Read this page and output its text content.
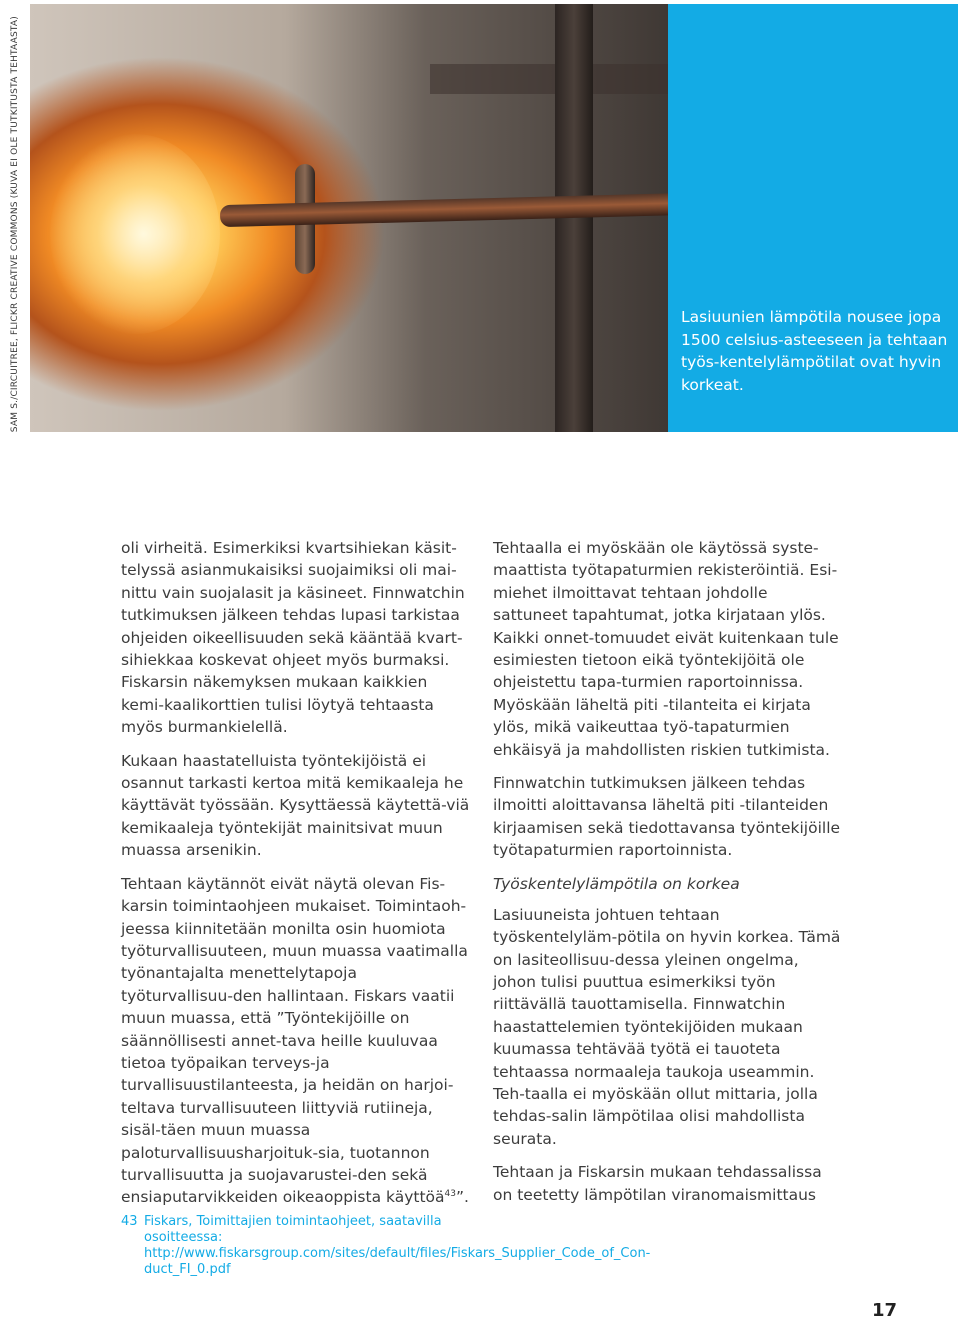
SAM S./CIRCUITREE, FLICKR CREATIVE COMMONS (KUVA EI OLE TUTKITUSTA TEHTAASTA)	Lasiuunien lämpötila nousee jopa 1500 celsius-asteeseen ja tehtaan työs-kentelylämpötilat ovat hyvin korkeat.

oli virheitä. Esimerkiksi kvartsihiekan käsit-telyssä asianmukaisiksi suojaimiksi oli mai-nittu vain suojalasit ja käsineet. Finnwatchin tutkimuksen jälkeen tehdas lupasi tarkistaa ohjeiden oikeellisuuden sekä kääntää kvart-sihiekkaa koskevat ohjeet myös burmaksi. Fiskarsin näkemyksen mukaan kaikkien kemi-kaalikorttien tulisi löytyä tehtaasta myös burmankielellä.

Kukaan haastatelluista työntekijöistä ei osannut tarkasti kertoa mitä kemikaaleja he käyttävät työssään. Kysyttäessä käytettä-viä kemikaaleja työntekijät mainitsivat muun muassa arsenikin.

Tehtaan käytännöt eivät näytä olevan Fis-karsin toimintaohjeen mukaiset. Toimintaoh-jeessa kiinnitetään monilta osin huomiota työturvallisuuteen, muun muassa vaatimalla työnantajalta menettelytapoja työturvallisuu-den hallintaan. Fiskars vaatii muun muassa, että ”Työntekijöille on säännöllisesti annet-tava heille kuuluvaa tietoa työpaikan terveys-ja turvallisuustilanteesta, ja heidän on harjoi-teltava turvallisuuteen liittyviä rutiineja, sisäl-täen muun muassa paloturvallisuusharjoituk-sia, tuotannon turvallisuutta ja suojavarustei-den sekä ensiaputarvikkeiden oikeaoppista käyttöä$^{43}$”.

Tehtaalla ei myöskään ole käytössä syste-maattista työtapaturmien rekisteröintiä. Esi-miehet ilmoittavat tehtaan johdolle sattuneet tapahtumat, jotka kirjataan ylös. Kaikki onnet-tomuudet eivät kuitenkaan tule esimiesten tietoon eikä työntekijöitä ole ohjeistettu tapa-turmien raportoinnissa. Myöskään läheltä piti -tilanteita ei kirjata ylös, mikä vaikeuttaa työ-tapaturmien ehkäisyä ja mahdollisten riskien tutkimista.

Finnwatchin tutkimuksen jälkeen tehdas ilmoitti aloittavansa läheltä piti -tilanteiden kirjaamisen sekä tiedottavansa työntekijöille työtapaturmien raportoinnista.

Työskentelylämpötila on korkea

Lasiuuneista johtuen tehtaan työskentelyläm-pötila on hyvin korkea. Tämä on lasiteollisuu-dessa yleinen ongelma, johon tulisi puuttua esimerkiksi työn riittävällä tauottamisella. Finnwatchin haastattelemien työntekijöiden mukaan kuumassa tehtävää työtä ei tauoteta tehtaassa normaaleja taukoja useammin. Teh-taalla ei myöskään ollut mittaria, jolla tehdas-salin lämpötilaa olisi mahdollista seurata.

Tehtaan ja Fiskarsin mukaan tehdassalissa on teetetty lämpötilan viranomaismittaus

43 Fiskars, Toimittajien toimintaohjeet, saatavilla osoitteessa: http://www.fiskarsgroup.com/sites/default/files/Fiskars_Supplier_Code_of_Con-duct_FI_0.pdf
17
